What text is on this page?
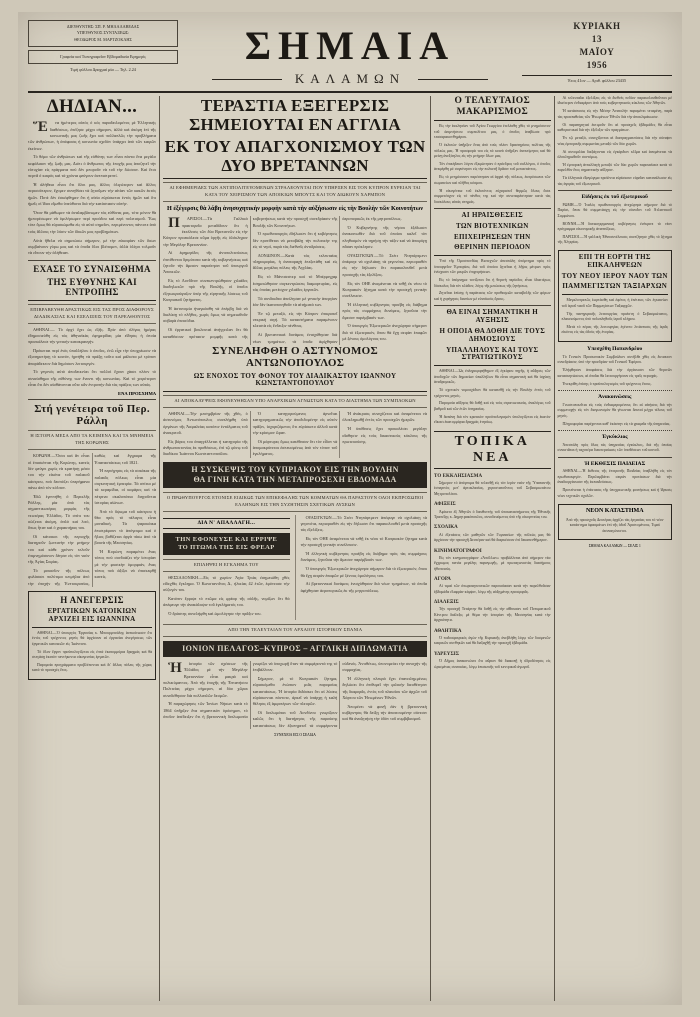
ΔΙΕΥΘΥΝΤΗΣ: ΣΠ. Ρ. ΜΗΛΑΛΑΒΕΔΑΣ
ΥΠΕΥΘΥΝΟΣ ΣΥΝΤΑΞΕΩΣ:
ΘΕΟΔΩΡΟΣ Μ. ΜΑΡΤΖΟΚΛΗΣ
Γραφεία καί Τυπογραφεΐον Εβδομαδιαία Εφημερίς
Τιμή φύλλου Δραχμαί μία — Τηλ. 2.24
ΣΗΜΑΙΑ
ΚΑΛΑΜΩΝ
ΚΥΡΙΑΚΗ
13
ΜΑΪΟΥ
1956
Έτος 41ον — Αριθ. φύλλου 23435
ΔΗΔΙΑΝ...

Ἕνα ἡμέτερος αὐτὸς ὁ κὸς παραδειλομένος μὲ Ἑλληνικὴς διαθέσεως, ἐπέζησε μέχρι σήμερον, ἀλλὰ καὶ ἀκόμη ἐπὶ τῆς κοινωνικῆς μας ζωῆς ἔχει καὶ πολλαπλῶς τὴν προβλήματα τῶν ἀνθρώπων, ἡ ἀπόφασις ἡ κοινωνία σχεδὸν ὑπάρχει ἀπὸ τῶν καιρῶν ἐκείνων.

Τὸ θέμα τῶν ἀνθρώπων καὶ τῆς εὐθύνης των εἶναι πάντα ἕνα μεγάλο κεφάλαιον τῆς ζωῆς μας. Διότι ὁ ἄνθρωπος τῆς ἐποχῆς μας ἀποζητεῖ τὴν εὐτυχίαν εἰς πράγματα ποὺ δὲν μποροῦν νὰ τοῦ τὴν δώσουν. Καὶ ἔτσι περνᾶ ὁ καιρὸς καὶ τὰ χρόνια φεύγουν ἀνεπιστρεπτί.

Ἡ ἀλήθεια εἶναι ὅτι ὅλοι μας, ἄλλος ὀλιγώτερον καὶ ἄλλος περισσότερον, ἔχομεν συνηθίσει νὰ ζητοῦμεν τὴν αἰτίαν τῶν κακῶν ἐκτὸς ἡμῶν. Ποτὲ δὲν ἐσκέφθημεν ὅτι ἡ αἰτία εὑρίσκεται ἐντὸς ἡμῶν καὶ ὅτι ἡμεῖς οἱ ἴδιοι εἴμεθα ὑπεύθυνοι διὰ τὴν κατάστασιν αὐτήν.

Ὅταν θὰ μάθωμεν νὰ ἀναλαμβάνωμεν τὰς εὐθύνας μας, τότε μόνον θὰ ἠμπορέσωμεν νὰ ὁμιλήσωμεν περὶ προόδου καὶ περὶ πολιτισμοῦ. Ἕως τότε ὅμως θὰ εὑρισκώμεθα εἰς τὸ αὐτὸ σημεῖον, περιμένοντες πάντοτε ἀπὸ τοὺς ἄλλους τὴν λύσιν τῶν ἰδικῶν μας προβλημάτων.

Αὐτὰ ἤθελα νὰ σημειώσω σήμερον, μὲ τὴν εὐκαιρίαν τῶν ὅσων συμβαίνουν γύρω μας καὶ τὰ ὁποῖα ὅλοι βλέπομεν, ἀλλὰ ὀλίγοι τολμοῦν νὰ εἴπουν τὴν ἀλήθειαν.

ΕΧΑΣΕ ΤΟ ΣΥΝΑΙΣΘΗΜΑ
ΤΗΣ ΕΥΘΥΝΗΣ ΚΑΙ ΕΝΤΡΟΠΗΣ
ΕΠΙΒΡΑΒΕΥΘΗ ΔΡΑΣΤΙΚΩΣ ΕΙΣ ΤΑΣ ΠΡΟΣ ΔΙΑΦΟΡΟΥΣ ΔΙΑΔΙΚΑΣΙΑΣ ΚΑΙ ΕΞΕΛΙΞΕΙΣ ΤΟΥ ΠΑΡΕΛΘΟΝΤΟΣ

ΑΘΗΝΑΙ.— Τὸ ἀρχὶ ἔχει ὡς ἐξῆς. Πρὶν ἀπὸ ὀλίγας ἡμέρας ἐδημοσιεύθη εἰς τὰς ἀθηναϊκὰς ἐφημερίδας μία εἴδησις ἡ ὁποία προεκάλεσε τὴν γενικὴν κατακραυγήν.

Πρόκειται περὶ ἑνὸς ὑπαλλήλου ὁ ὁποῖος, ἐνῶ εἶχε τὴν ὑποχρέωσιν νὰ ἐξυπηρετήσῃ τὸ κοινόν, ἠρνήθη νὰ πράξῃ τοῦτο καὶ μάλιστα μὲ τρόπον ἀπαράδεκτον διὰ δημόσιον λειτουργόν.

Τὸ γεγονὸς αὐτὸ ἀποδεικνύει ὅτι πολλοὶ ἔχουν χάσει πλέον τὸ συναίσθημα τῆς εὐθύνης των ἔναντι τῆς κοινωνίας. Καὶ τὸ χειρότερον εἶναι ὅτι δὲν αἰσθάνονται οὔτε κἂν ἐντροπὴν διὰ τὰς πράξεις των αὐτάς.

ΕΝΑ ΠΡΟΣΧΗΜΑ
Στή γενέτειρα τοῦ Περ. Ράλλη
Η ΙΣΤΟΡΙΑ ΜΕΣΑ ΑΠΟ ΤΑ ΚΕΙΜΕΝΑ ΚΑΙ ΤΑ ΜΝΗΜΕΙΑ ΤΗΣ ΚΟΡΩΝΗΣ

ΚΟΡΩΝΗ.—Ὅσοι καὶ ἂν εἶναι οἱ ἐπισκέπται τῆς Κορώνης, κανεὶς δὲν φεύγει χωρὶς νὰ κρατήσῃ μέσα του τὴν εἰκόνα τοῦ παλαιοῦ κάστρου, ποὺ δεσπόζει ὑπερήφανα πάνω ἀπὸ τὸν κόλπον.

Ἐδῶ ἐγεννήθη ὁ Περικλῆς Ράλλης, μία ἀπὸ τὰς σημαντικωτέρας μορφὰς τῆς νεωτέρας Ἑλλάδος. Τὸ σπίτι του σώζεται ἀκόμη, ἁπλὸ καὶ λιτό, ὅπως ἦταν καὶ ὁ χαρακτήρας του.

Οἱ κάτοικοι τῆς περιοχῆς διατηροῦν ζωντανὴν τὴν μνήμην του καὶ κάθε χρόνον τελοῦν ἐπιμνημόσυνον δέησιν εἰς τὸν ναὸν τῆς Ἁγίας Σοφίας.

Τὸ μουσεῖον τῆς πόλεως φυλάσσει πολύτιμα κειμήλια ἀπὸ τὴν ἐποχὴν τῆς Ἑνετοκρατίας, καθὼς καὶ ἔγγραφα τῆς Ἐπαναστάσεως τοῦ 1821.

Ἡ περιήγησις εἰς τὰ σοκάκια τῆς παλαιᾶς πόλεως εἶναι μία συγκινητικὴ ἐμπειρία. Τὰ σπίτια μὲ τὰ κεραμίδια, οἱ καμάρες καὶ τὰ πέτρινα σκαλοπάτια διηγοῦνται ἱστορίας αἰώνων.

Ἀπὸ τὸ ὕψωμα τοῦ κάστρου ἡ θέα πρὸς τὸ πέλαγος εἶναι μοναδική. Τὰ ψαροκάικα ἐπιστρέφουν τὸ ἀπόγευμα καὶ ὁ ἥλιος βυθίζεται ἀργὰ πίσω ἀπὸ τὰ βουνὰ τῆς Μεσσηνίας.

Ἡ Κορώνη παραμένει ἕνας τόπος ποὺ συνδυάζει τὴν ἱστορίαν μὲ τὴν φυσικὴν ὀμορφιάν, ἕνας τόπος ποὺ ἀξίζει νὰ ἐπισκεφθῇ κανείς.

Η ΑΝΕΓΕΡΣΙΣ
ΕΡΓΑΤΙΚΩΝ ΚΑΤΟΙΚΙΩΝ ΑΡΧΙΖΕΙ ΕΙΣ ΙΩΑΝΝΙΝΑ

ΑΘΗΝΑΙ.—Ὁ ὑπουργὸς Ἐργασίας κ. Μπουρμπούλης ἀνεκοίνωσεν ὅτι ἐντὸς τοῦ τρέχοντος μηνὸς θὰ ἀρχίσουν αἱ ἐργασίαι ἀνεγέρσεως τῶν ἐργατικῶν κατοικιῶν εἰς Ἰωάννινα.

Τὸ ὅλον ἔργον προϋπολογίζεται εἰς ἑπτὰ ἑκατομμύρια δραχμὰς καὶ θὰ στεγάσῃ ἑκατὸν πεντήκοντα οἰκογενείας ἐργατῶν.

Παρομοία προγράμματα προβλέπονται καὶ δι' ἄλλας πόλεις τῆς χώρας κατὰ τὸ προσεχὲς ἔτος.

ΤΕΡΑΣΤΙΑ ΕΞΕΓΕΡΣΙΣ ΣΗΜΕΙΟΥΤΑΙ ΕΝ ΑΓΓΛΙΑ
ΕΚ ΤΟΥ ΑΠΑΓΧΟΝΙΣΜΟΥ ΤΩΝ ΔΥΟ ΒΡΕΤΑΝΝΩΝ
ΑΙ ΕΦΗΜΕΡΙΔΕΣ ΤΩΝ ΑΝΤΙΠΟΛΙΤΕΥΟΜΕΝΩΝ ΣΤΡΑΛΕΟΥΝΤΑΙ ΠΟΥ ΥΠΗΡΞΕΝ ΕΙΣ ΤΟΝ ΚΥΠΡΟΝ ΕΥΡΕΙΑΝ ΤΑΙ ΚΑΤΑ ΤΟΥ ΧΕΙΡΙΣΜΟΥ ΤΩΝ ΑΠΟΙΚΙΩΝ ΜΠΟΥΤΣ ΚΑΙ ΤΟΥ ΔΙΩΚΟΥΝ ΧΑΡΜΠΟΝ
Η ἐξέγερσις θὰ λάβη ἀνησυχητικὴν μορφὴν κατὰ τὴν αὐξήσωσιν εἰς τὴν Βουλὴν τῶν Κοινοτήτων

ΠΑΡΙΣΙΟΙ.—Τὰ Γαλλικὰ πρακτορεῖα μεταδίδουν ὅτι ἡ ἐκτέλεσις τῶν δύο Βρεταννῶν εἰς τὴν Κύπρον προεκάλεσε κῦμα ὀργῆς εἰς ὁλόκληρον τὴν Μεγάλην Βρεταννίαν.

Αἱ ἐφημερίδες τῆς ἀντιπολιτεύσεως ἐπιτίθενται δριμύτατα κατὰ τῆς κυβερνήσεως καὶ ζητοῦν τὴν ἄμεσον παραίτησιν τοῦ ὑπουργοῦ Ἀποικιῶν.

Εἰς τὸ Λονδῖνον συνεκεντρώθησαν χιλιάδες διαδηλωτῶν πρὸ τῆς Βουλῆς, οἱ ὁποῖοι ἐζητωκραύγαζον ὑπὲρ τῆς εἰρηνικῆς λύσεως τοῦ Κυπριακοῦ ζητήματος.

Ἡ ἀστυνομία ἠναγκάσθη νὰ ἐπέμβῃ διὰ νὰ διαλύσῃ τὸ πλῆθος, χωρὶς ὅμως νὰ σημειωθοῦν σοβαρὰ ἐπεισόδια.

Οἱ ἐργατικοὶ βουλευταὶ ἀνήγγειλαν ὅτι θὰ καταθέσουν πρότασιν μομφῆς κατὰ τῆς κυβερνήσεως κατὰ τὴν προσεχῆ συνεδρίασιν τῆς Βουλῆς τῶν Κοινοτήτων.

Ὁ πρωθυπουργὸς ἐδήλωσεν ὅτι ἡ κυβέρνησις δὲν προτίθεται νὰ μεταβάλῃ τὴν πολιτικήν της εἰς τὸ νησί, παρὰ τὰς διεθνεῖς ἀντιδράσεις.

ΛΟΝΔΙΝΟΝ.—Κατὰ τὰς τελευταίας πληροφορίας, ἡ ἀναταραχὴ ἐπεξετάθη καὶ εἰς ἄλλας μεγάλας πόλεις τῆς Ἀγγλίας.

Εἰς τὸ Μάντσεστερ καὶ τὸ Μπέρμιγχαμ ἐσημειώθησαν συγκεντρώσεις διαμαρτυρίας, εἰς τὰς ὁποίας μετέσχον χιλιάδες ἐργατῶν.

Τὰ συνδικᾶτα ἀπείλησαν μὲ γενικὴν ἀπεργίαν ἐὰν δὲν ἱκανοποιηθοῦν τὰ αἰτήματά των.

Ἐν τῷ μεταξύ, εἰς τὴν Κύπρον ἐπικρατεῖ νεκρικὴ σιγή. Τὰ καταστήματα παραμένουν κλειστὰ εἰς ἔνδειξιν πένθους.

Αἱ βρεταννικαὶ δυνάμεις ἐνισχύθησαν διὰ νέων τμημάτων, τὰ ὁποῖα ἀφίχθησαν ἀεροπορικῶς ἐκ τῆς μητροπόλεως.

Ὁ Κυβερνήτης τῆς νήσου ἐξέδωσεν ἀνακοινωθὲν διὰ τοῦ ὁποίου καλεῖ τὸν πληθυσμὸν νὰ τηρήσῃ τὴν τάξιν καὶ νὰ ἀποφύγῃ πᾶσαν πρόκλησιν.

ΟΥΑΣΙΓΚΤΩΝ.—Τὸ Στέιτ Ντηπάρτμεντ ἀπέφυγε νὰ σχολιάσῃ τὰ γεγονότα, περιορισθὲν εἰς τὴν δήλωσιν ὅτι παρακολουθεῖ μετὰ προσοχῆς τὰς ἐξελίξεις.

Εἰς τὸν ΟΗΕ ἀναμένεται νὰ τεθῇ ἐκ νέου τὸ Κυπριακὸν ζήτημα κατὰ τὴν προσεχῆ γενικὴν συνέλευσιν.

Ἡ ἑλληνικὴ κυβέρνησις προέβη εἰς διάβημα πρὸς τὰς συμμάχους δυνάμεις, ζητοῦσα τὴν ἄμεσον παρέμβασίν των.

Ὁ ὑπουργὸς Ἐξωτερικῶν ἀνεχώρησε σήμερον διὰ τὸ ἐξωτερικόν, ὅπου θὰ ἔχῃ σειρὰν ἐπαφῶν μὲ ξένους ὁμολόγους του.

ΣΥΝΕΛΗΦΘΗ Ο ΑΣΤΥΝΟΜΟΣ ΑΝΤΩΝΟΠΟΥΛΟΣ
ΩΣ ΕΝΟΧΟΣ ΤΟΥ ΦΟΝΟΥ ΤΟΥ ΔΙΑΔΙΚΑΣΤΟΥ ΙΩΑΝΝΟΥ ΚΩΝΣΤΑΝΤΟΠΟΥΛΟΥ
ΑΙ ΑΠΟΚΑΛΥΨΕΙΣ ΕΦΟΝΕΥΘΗΣΑΝ ΥΠΟ ΑΝΑΡΧΙΚΩΝ ΑΓΝΩΣΤΩΝ ΚΑΤΑ ΤΟ ΔΙΑΣΤΗΜΑ ΤΩΝ ΣΥΜΠΛΟΚΩΝ

ΑΘΗΝΑΙ.—Τὴν μεσημβρίαν τῆς χθές, ὁ ἀστυνόμος Ἀντωνόπουλος συνελήφθη ὑπὸ ὀργάνων τῆς Ἀσφαλείας κατόπιν ἐντάλματος τοῦ ἀνακριτοῦ.

Εἰς βάρος του ἀπαγγέλλεται ἡ κατηγορία τῆς ἀνθρωποκτονίας ἐκ προθέσεως, ἐπὶ τῷ φόνῳ τοῦ διαδίκου Ἰωάννου Κωνσταντοπούλου.

Ὁ κατηγορούμενος ἀρνεῖται κατηγορηματικῶς τὴν ἀποδιδομένην εἰς αὐτὸν πρᾶξιν, ἰσχυριζόμενος ὅτι εὑρίσκετο ἀλλοῦ κατὰ τὴν κρίσιμον ὥραν.

Οἱ μάρτυρες ὅμως κατέθεσαν ὅτι τὸν εἶδον νὰ ἀπομακρύνεται ἐσπευσμένως ἀπὸ τὸν τόπον τοῦ ἐγκλήματος.

Ἡ ἀνάκρισις συνεχίζεται καὶ ἀναμένεται νὰ ὁλοκληρωθῇ ἐντὸς τῶν προσεχῶν ἡμερῶν.

Ἡ ὑπόθεσις ἔχει προκαλέσει μεγάλην αἴσθησιν εἰς τοὺς δικαστικοὺς κύκλους τῆς πρωτευούσης.

Η ΣΥΣΚΕΨΙΣ ΤΟΥ ΚΥΠΡΙΑΚΟΥ ΕΙΣ ΤΗΝ ΒΟΥΛΗΝ
ΘΑ ΓΙΝΗ ΚΑΤΑ ΤΗΝ ΜΕΤΑΠΡΟΣΕΧΗ ΕΒΔΟΜΑΔΑ
Ο ΠΡΩΘΥΠΟΥΡΓΟΣ ΕΤΟΝΙΣΕ ΕΙΔΙΚΩΣ ΤΩΝ ΕΠΙΚΕΦΑΛΗΣ ΤΩΝ ΚΟΜΜΑΤΩΝ ΘΑ ΠΑΡΑΣΤΟΥΝ ΟΛΟΙ ΕΚΠΡΟΣΩΠΟΙ ΕΛΛΗΝΩΝ ΕΙΣ ΤΗΝ ΣΥΖΗΤΗΣΙΝ ΣΧΕΤΙΚΩΝ ΛΥΣΕΩΝ
ΔΙΑ Ν' ΑΠΑΛΛΑΓΗ...
ΤΗΝ ΕΦΟΝΕΥΣΕ ΚΑΙ ΕΡΡΙΨΕ
ΤΟ ΠΤΩΜΑ ΤΗΣ ΕΙΣ ΦΡΕΑΡ
ΕΠΙΛΗΨΕΙ Η ΕΓΚΛΗΜΑ ΤΟΥ

ΘΕΣΣΑΛΟΝΙΚΗ.—Εἰς τὸ χωρίον Ἁγία Τριὰς ἐσημειώθη χθὲς εἰδεχθὲς ἔγκλημα. Ὁ Κωνσταντῖνος Δ., ἡλικίας 42 ἐτῶν, ἐφόνευσε τὴν σύζυγόν του.

Κατόπιν ἔρριψε τὸ πτῶμα εἰς φρέαρ τῆς αὐλῆς, νομίζων ὅτι θὰ ἀπέφευγε τὴν ἀνακάλυψιν τοῦ ἐγκλήματός του.

Ὁ δράστης συνελήφθη καὶ ὡμολόγησε τὴν πρᾶξιν του.

ΟΥΑΣΙΓΚΤΩΝ.—Τὸ Στέιτ Ντηπάρτμεντ ἀπέφυγε νὰ σχολιάσῃ τὰ γεγονότα, περιορισθὲν εἰς τὴν δήλωσιν ὅτι παρακολουθεῖ μετὰ προσοχῆς τὰς ἐξελίξεις.

Εἰς τὸν ΟΗΕ ἀναμένεται νὰ τεθῇ ἐκ νέου τὸ Κυπριακὸν ζήτημα κατὰ τὴν προσεχῆ γενικὴν συνέλευσιν.

Ἡ ἑλληνικὴ κυβέρνησις προέβη εἰς διάβημα πρὸς τὰς συμμάχους δυνάμεις, ζητοῦσα τὴν ἄμεσον παρέμβασίν των.

Ὁ ὑπουργὸς Ἐξωτερικῶν ἀνεχώρησε σήμερον διὰ τὸ ἐξωτερικόν, ὅπου θὰ ἔχῃ σειρὰν ἐπαφῶν μὲ ξένους ὁμολόγους του.

Αἱ βρεταννικαὶ δυνάμεις ἐνισχύθησαν διὰ νέων τμημάτων, τὰ ὁποῖα ἀφίχθησαν ἀεροπορικῶς ἐκ τῆς μητροπόλεως.

ΑΠΟ ΤΗΝ ΤΕΛΕΥΤΑΙΑΝ ΤΟΥ ΑΡΧΑΙΟΥ ΙΣΤΟΡΙΚΟΥ ΣΠΑΝΙΑ
ΙΟΝΙΟΝ ΠΕΛΑΓΟΣ–ΚΥΠΡΟΣ – ΑΓΓΛΙΚΗ ΔΙΠΛΩΜΑΤΙΑ

Ἡἱστορία τῶν σχέσεων τῆς Ἑλλάδος μὲ τὴν Μεγάλην Βρεταννίαν εἶναι μακρὰ καὶ πολυκύμαντος. Ἀπὸ τῆς ἐποχῆς τῆς Ἑπτανήσου Πολιτείας μέχρι σήμερον, αἱ δύο χῶραι συνεδέθησαν διὰ πολλαπλῶν δεσμῶν.

Ἡ παραχώρησις τῶν Ἰονίων Νήσων κατὰ τὸ 1864 ὑπῆρξεν ἕνα σημαντικὸν ὁρόσημον, τὸ ὁποῖον ἀπέδειξεν ὅτι ἡ βρεταννικὴ διπλωματία γνωρίζει νὰ ὑποχωρῇ ὅταν τὰ συμφέροντά της τὸ ἐπιβάλλουν.

Σήμερον, μὲ τὸ Κυπριακὸν ζήτημα, εὑρισκόμεθα ἐνώπιον μιᾶς παρομοίας καταστάσεως. Ἡ ἱστορία διδάσκει ὅτι αἱ λύσεις εὑρίσκονται πάντοτε, ἀρκεῖ νὰ ὑπάρχῃ ἡ καλὴ θέλησις ἐξ ἀμφοτέρων τῶν πλευρῶν.

Οἱ διπλωμάται τοῦ Λονδίνου γνωρίζουν καλῶς ὅτι ἡ διατήρησις τῆς παρούσης καταστάσεως δὲν ἐξυπηρετεῖ τὰ συμφέροντα οὐδενός. Ἀντιθέτως, ὑπονομεύει τὴν συνοχὴν τῆς συμμαχίας.

Ἡ ἑλληνικὴ πλευρὰ ἔχει ἐπανειλημμένως δηλώσει ὅτι ἐπιθυμεῖ τὴν φιλικὴν διευθέτησιν τῆς διαφορᾶς, ἐντὸς τοῦ πλαισίου τῶν ἀρχῶν τοῦ Χάρτου τῶν Ἡνωμένων Ἐθνῶν.

Ἀπομένει νὰ φανῇ ἐὰν ἡ βρεταννικὴ κυβέρνησις θὰ δείξῃ τὴν ἀπαιτουμένην σύνεσιν καὶ θὰ ἀναζητήσῃ τὴν ὁδὸν τοῦ συμβιβασμοῦ.

ΣΥΝΕΧΕΙΑ ΕΙΣ Ο ΣΕΛΙΔΑ
Ο ΤΕΛΕΥΤΑΙΟΣ ΜΑΚΑΡΙΣΜΟΣ

Εἰς τὴν ἐκκλησίαν τοῦ Ἁγίου Γεωργίου ἐτελέσθη χθὲς τὸ μνημόσυνον τοῦ ἀειμνήστου συμπολίτου μας, ὁ ὁποῖος ἀπεβίωσε πρὸ τεσσαρακονθημέρου.

Ὁ ἐκλιπὼν ὑπῆρξεν ἕνας ἀπὸ τοὺς πλέον δραστηρίους πολίτας τῆς πόλεώς μας. Ἡ προσφορά του εἰς τὰ κοινὰ ὑπῆρξεν ἀνεκτίμητος καὶ θὰ μείνῃ ἀνεξίτηλος εἰς τὴν μνήμην ὅλων μας.

Τὸν ἐπικήδειον λόγον ἐξεφώνησεν ὁ πρόεδρος τοῦ συλλόγου, ὁ ὁποῖος ἀνεφέρθη μὲ συγκίνησιν εἰς τὴν πολυετῆ δρᾶσιν τοῦ μεταστάντος.

Εἰς τὸ μνημόσυνον παρέστησαν αἱ ἀρχαὶ τῆς πόλεως, ἐκπρόσωποι τῶν σωματείων καὶ πλῆθος κόσμου.

Ἡ οἰκογένεια τοῦ ἐκλιπόντος εὐχαριστεῖ θερμῶς ὅλους ὅσοι συμμετέσχον εἰς τὸ πένθος της καὶ τὴν συνεπαρέστησαν κατὰ τὰς δυσκόλους αὐτὰς στιγμάς.

ΑΙ ΗΡΑΙΣΘΕΣΕΙΣ
ΤΩΝ ΒΙΟΤΕΧΝΙΚΩΝ
ΕΠΙΧΕΙΡΗΣΕΩΝ ΤΗΝ
ΘΕΡΙΝΗΝ ΠΕΡΙΟΔΟΝ

Ὑπὸ τῆς Ὁμοσπονδίας Βιοτεχνῶν ἀπεστάλη ὑπόμνημα πρὸς τὸ ὑπουργεῖον Ἐμπορίου, διὰ τοῦ ὁποίου ζητεῖται ἡ λῆψις μέτρων πρὸς ἐνίσχυσιν τῶν μικρῶν ἐπιχειρήσεων.

Εἰς τὸ ὑπόμνημα τονίζεται ὅτι ἡ θερινὴ περίοδος εἶναι ἰδιαιτέρως δύσκολος διὰ τὸν κλάδον, λόγῳ τῆς μειώσεως τῆς ζητήσεως.

Ζητεῖται ἐπίσης ἡ παράτασις τῶν προθεσμιῶν καταβολῆς τῶν φόρων καὶ ἡ χορήγησις δανείων μὲ εὐνοϊκοὺς ὅρους.

ΘΑ ΕΙΝΑΙ ΣΗΜΑΝΤΙΚΗ Η ΑΥΞΗΣΙΣ
Η ΟΠΟΙΑ ΘΑ ΔΟΘΗ ΔΙΕ ΤΟΥΣ ΔΗΜΟΣΙΟΥΣ
ΥΠΑΛΛΗΛΟΥΣ ΚΑΙ ΤΟΥΣ ΣΤΡΑΤΙΩΤΙΚΟΥΣ

ΑΘΗΝΑΙ.—Ὡς ἐπληροφορήθημεν ἐξ ἐγκύρου πηγῆς, ἡ αὔξησις τῶν ἀποδοχῶν τῶν δημοσίων ὑπαλλήλων θὰ εἶναι σημαντικὴ καὶ θὰ ἰσχύσῃ ἀναδρομικῶς.

Τὸ σχετικὸν νομοσχέδιον θὰ κατατεθῇ εἰς τὴν Βουλὴν ἐντὸς τοῦ τρέχοντος μηνός.

Παρομοία αὔξησις θὰ δοθῇ καὶ εἰς τοὺς στρατιωτικούς, ἀναλόγως τοῦ βαθμοῦ καὶ τῶν ἐτῶν ὑπηρεσίας.

Ἡ δαπάνη διὰ τὸν κρατικὸν προϋπολογισμὸν ὑπολογίζεται εἰς ἑκατὸν εἴκοσι ἑκατομμύρια δραχμὰς ἐτησίως.

ΤΟΠΙΚΑ ΝΕΑ
ΤΟ ΕΚΚΛΗΣΙΑΣΜΑ

Σήμερον τὸ ἀπόγευμα θὰ τελεσθῇ εἰς τὸν ἱερὸν ναὸν τῆς Ὑπαπαντῆς ἑσπερινὸς μετ' ἀρτοκλασίας, χοροστατοῦντος τοῦ Σεβασμιωτάτου Μητροπολίτου.

ΑΦΙΞΕΙΣ

Ἀφίκετο ἐξ Ἀθηνῶν ὁ διευθυντὴς τοῦ ὑποκαταστήματος τῆς Ἐθνικῆς Τραπέζης κ. Δημητρακόπουλος, συνοδευόμενος ὑπὸ τῆς οἰκογενείας του.

ΣΧΟΛΙΚΑ

Αἱ ἐξετάσεις τῶν μαθητῶν τῶν Γυμνασίων τῆς πόλεώς μας θὰ ἀρχίσουν τὴν προσεχῆ Δευτέραν καὶ θὰ διαρκέσουν ἐπὶ δεκαπενθήμερον.

ΚΙΝΗΜΑΤΟΓΡΑΦΟΙ

Εἰς τὸν κινηματογράφον «Ἀπόλλων» προβάλλεται ἀπὸ σήμερον νέα ἔγχρωμος ταινία μεγάλης παραγωγῆς, μὲ πρωταγωνιστὰς διασήμους ἠθοποιούς.

ΑΓΟΡΑ

Αἱ τιμαὶ τῶν ὀπωροκηπευτικῶν παρουσίασαν κατὰ τὴν παρελθοῦσαν ἑβδομάδα ἐλαφρὰν κάμψιν, λόγῳ τῆς αὐξημένης προσφορᾶς.

ΔΙΑΛΕΞΙΣ

Τὴν προσεχῆ Τετάρτην θὰ δοθῇ εἰς τὴν αἴθουσαν τοῦ Πνευματικοῦ Κέντρου διάλεξις μὲ θέμα τὴν ἱστορίαν τῆς Μεσσηνίας κατὰ τὴν ἀρχαιότητα.

ΑΘΛΗΤΙΚΑ

Ὁ ποδοσφαιρικὸς ἀγὼν τῆς Κυριακῆς ἀνεβλήθη λόγῳ τῶν δυσμενῶν καιρικῶν συνθηκῶν καὶ θὰ διεξαχθῇ τὴν προσεχῆ ἑβδομάδα.

ΥΔΡΕΥΣΙΣ

Ὁ Δῆμος ἀνακοινώνει ὅτι αὔριον θὰ διακοπῇ ἡ ὑδροδότησις εἰς ὡρισμένας συνοικίας, λόγῳ ἐπισκευῆς τοῦ κεντρικοῦ ἀγωγοῦ.

Αἱ τελευταῖαι ἐξελίξεις εἰς τὸ διεθνὲς πεδίον παρακολουθοῦνται μὲ ἰδιαίτερον ἐνδιαφέρον ἀπὸ τοὺς κυβερνητικοὺς κύκλους τῶν Ἀθηνῶν.

Ἡ κατάστασις εἰς τὴν Μέσην Ἀνατολὴν παραμένει τεταμένη, παρὰ τὰς προσπαθείας τῶν Ἡνωμένων Ἐθνῶν διὰ τὴν ἀποκλιμάκωσιν.

Οἱ παρατηρηταὶ ἐκτιμοῦν ὅτι αἱ προσεχεῖς ἑβδομάδες θὰ εἶναι καθοριστικαὶ διὰ τὴν ἐξέλιξιν τῶν πραγμάτων.

Ἐν τῷ μεταξύ, συνεχίζονται αἱ διαπραγματεύσεις διὰ τὴν σύναψιν νέας ἐμπορικῆς συμφωνίας μεταξὺ τῶν δύο χωρῶν.

Αἱ συνομιλίαι διεξάγονται εἰς ἐγκάρδιον κλῖμα καὶ ἀναμένεται νὰ ὁλοκληρωθοῦν συντόμως.

Ἡ ἐμπορικὴ ἀνταλλαγὴ μεταξὺ τῶν δύο χωρῶν παρουσίασε κατὰ τὸ παρελθὸν ἔτος σημαντικὴν αὔξησιν.

Τὰ ἑλληνικὰ ἐξαγώγιμα προϊόντα εὑρίσκουν εὐρεῖαν κατανάλωσιν εἰς τὰς ἀγορὰς τοῦ ἐξωτερικοῦ.

Εἰδήσεις ἐκ τοῦ ἐξωτερικοῦ

ΡΩΜΗ.—Ὁ Ἰταλὸς πρωθυπουργὸς ἀνεχώρησε σήμερον διὰ τὸ Παρίσι, ὅπου θὰ συμμετάσχῃ εἰς τὴν σύνοδον τοῦ Ἀτλαντικοῦ Συμφώνου.

ΒΟΝΝΗ.—Ἡ δυτικογερμανικὴ κυβέρνησις ἐνέκρινε τὸ νέον πρόγραμμα οἰκονομικῆς ἀναπτύξεως.

ΠΑΡΙΣΙΟΙ.—Ἡ γαλλικὴ Ἐθνοσυνέλευσις συνεζήτησε χθὲς τὸ ζήτημα τῆς Ἀλγερίας.

ΕΠΙ ΤΗ ΕΟΡΤΗ ΤΗΣ ΕΠΚΑΛΗΨΕΩΝ
ΤΟΥ ΝΕΟΥ ΙΕΡΟΥ ΝΑΟΥ ΤΩΝ
ΠΑΜΜΕΓΙΣΤΩΝ ΤΑΞΙΑΡΧΩΝ

Μεγαλοπρεπῶς ἑωρτάσθη καὶ ἐφέτος ἡ ἐπέτειος τῶν ἐγκαινίων τοῦ ἱεροῦ ναοῦ τῶν Παμμεγίστων Ταξιαρχῶν.

Τῆς πανηγυρικῆς λειτουργίας προέστη ὁ Σεβασμιώτατος, πλαισιούμενος ὑπὸ πολυπληθοῦς ἱεροῦ κλήρου.

Μετὰ τὸ πέρας τῆς λειτουργίας ἐγένετο λιτάνευσις τῆς ἱερᾶς εἰκόνος εἰς τὰς ὁδοὺς τῆς ἐνορίας.

Υπεσχέθη Παπανδρέου

Τὸ Γενικὸν Προσκοπικὸν Συμβούλιον συνῆλθε χθὲς εἰς ἔκτακτον συνεδρίασιν, ὑπὸ τὴν προεδρίαν τοῦ Γενικοῦ Ἐφόρου.

Ἐλήφθησαν ἀποφάσεις διὰ τὴν ὀργάνωσιν τῶν θερινῶν κατασκηνώσεων, αἱ ὁποῖαι θὰ λειτουργήσουν εἰς τρεῖς περιοχάς.

Ἐνεκρίθη ἐπίσης ὁ προϋπολογισμὸς τοῦ τρέχοντος ἔτους.

Ἀνακοινώσεις

Γνωστοποιεῖται εἰς τοὺς ἐνδιαφερομένους ὅτι αἱ αἰτήσεις διὰ τὴν συμμετοχὴν εἰς τὸν διαγωνισμὸν θὰ γίνωνται δεκταὶ μέχρι τέλους τοῦ μηνός.

Πληροφορίαι παρέχονται καθ' ἑκάστην εἰς τὰ γραφεῖα τῆς ὑπηρεσίας.

Ἐγκύκλιος

Ἀπεστάλη πρὸς ὅλας τὰς ὑπηρεσίας ἐγκύκλιος, διὰ τῆς ὁποίας συνιστᾶται ἡ ταχυτέρα διεκπεραίωσις τῶν ὑποθέσεων τοῦ κοινοῦ.

Ἡ ΕΚΘΕΣΙΣ ΠΑΙΔΕΙΑΣ

ΑΘΗΝΑΙ.—Ἡ ἔκθεσις τῆς ἐπιτροπῆς Παιδείας ὑπεβλήθη εἰς τὸν πρωθυπουργόν. Περιλαμβάνει σειρὰν προτάσεων διὰ τὴν ἀναδιοργάνωσιν τῆς ἐκπαιδεύσεως.

Προτείνεται ἡ ἐπέκτασις τῆς ὑποχρεωτικῆς φοιτήσεως καὶ ἡ ἵδρυσις νέων τεχνικῶν σχολῶν.

ΝΕΟΝ ΚΑΤΑΣΤΗΜΑ

Ἀπὸ τῆς προσεχοῦς Δευτέρας ἀρχίζει τὰς ἐργασίας του τὸ νέον κατάστημα ὑφασμάτων ἐπὶ τῆς ὁδοῦ Ἀριστομένους. Τιμαὶ ἀσυναγώνιστοι.

ΣΗΜΑΙΑ ΚΑΛΑΜΩΝ — ΣΕΛΙΣ 1
